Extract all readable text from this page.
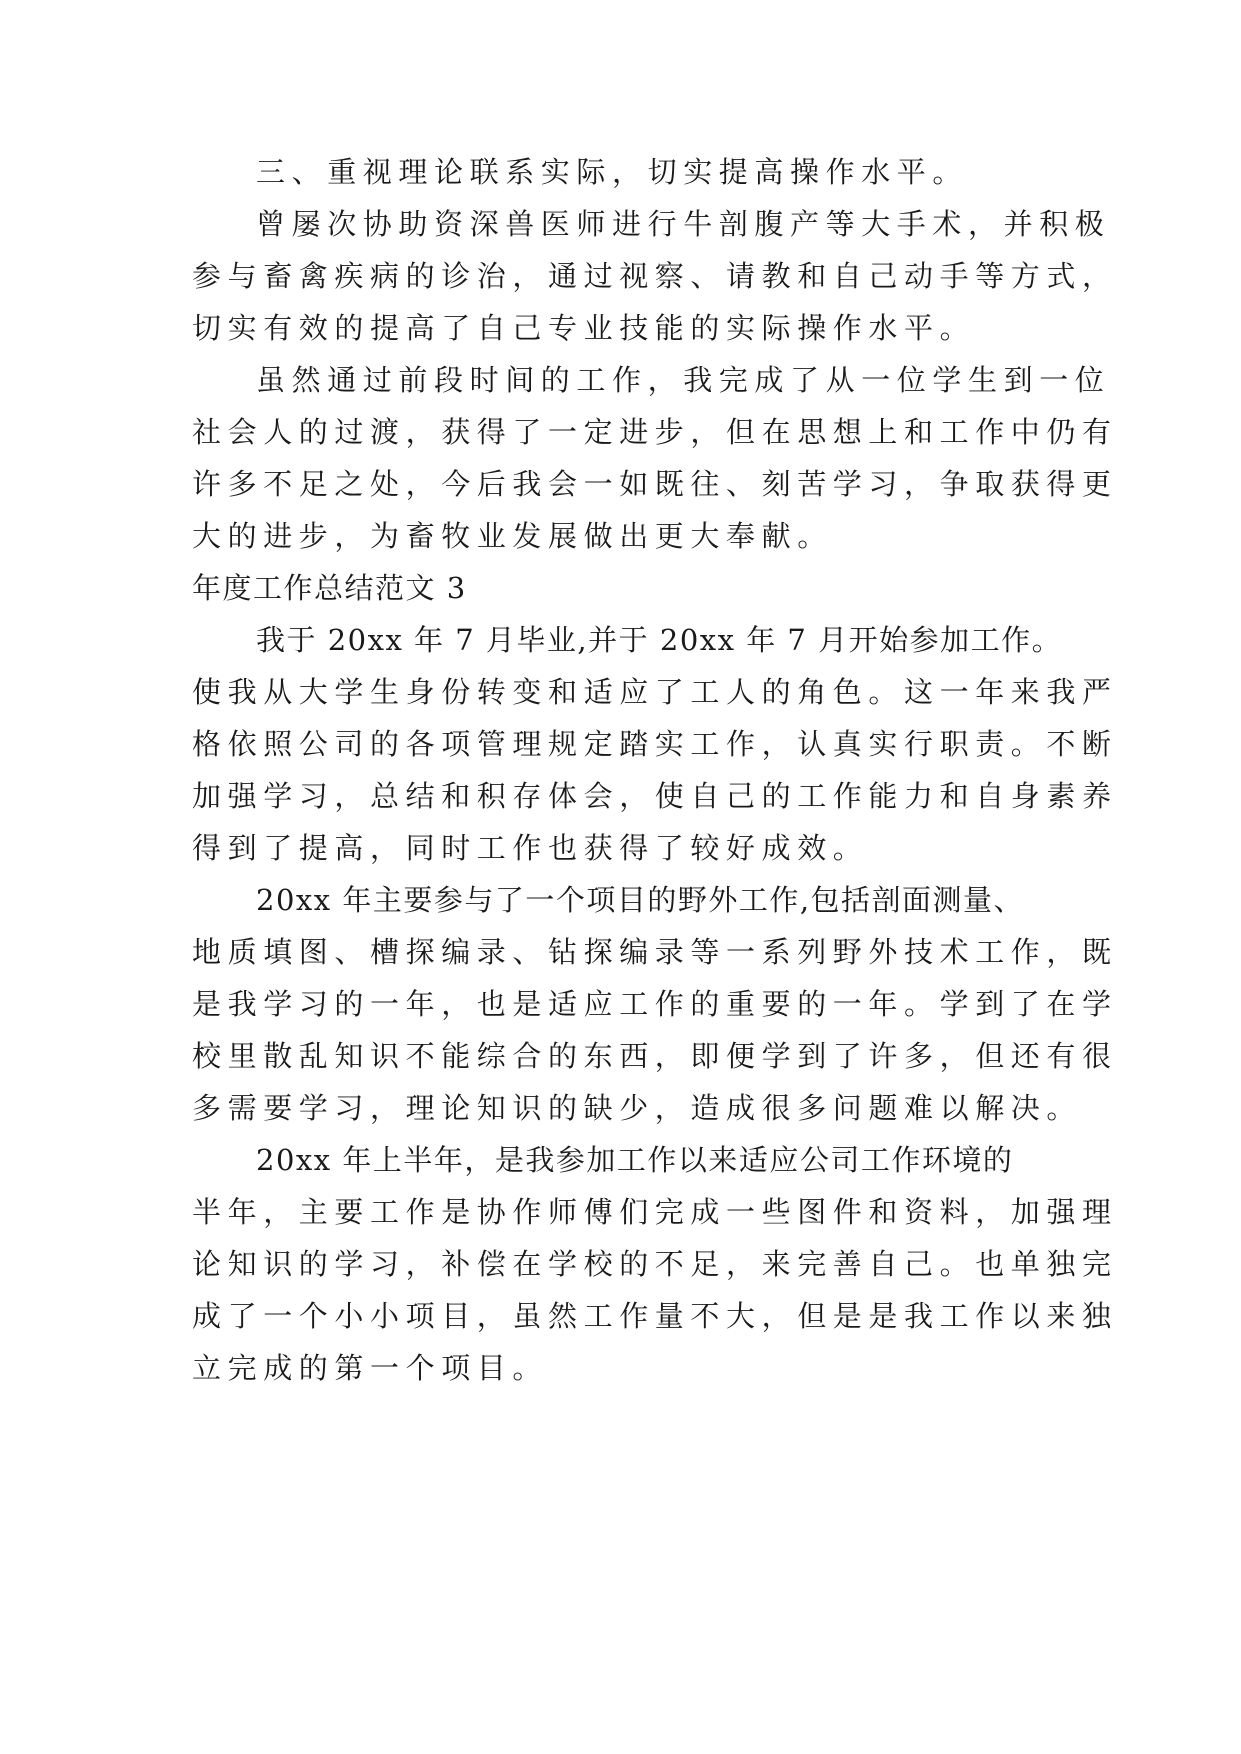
三、重视理论联系实际，切实提高操作水平。
曾屡次协助资深兽医师进行牛剖腹产等大手术，并积极
参与畜禽疾病的诊治，通过视察、请教和自己动手等方式，
切实有效的提高了自己专业技能的实际操作水平。
虽然通过前段时间的工作，我完成了从一位学生到一位
社会人的过渡，获得了一定进步，但在思想上和工作中仍有
许多不足之处，今后我会一如既往、刻苦学习，争取获得更
大的进步，为畜牧业发展做出更大奉献。
年度工作总结范文 3
我于 20xx 年 7 月毕业,并于 20xx 年 7 月开始参加工作。
使我从大学生身份转变和适应了工人的角色。这一年来我严
格依照公司的各项管理规定踏实工作，认真实行职责。不断
加强学习，总结和积存体会，使自己的工作能力和自身素养
得到了提高，同时工作也获得了较好成效。
20xx 年主要参与了一个项目的野外工作,包括剖面测量、
地质填图、槽探编录、钻探编录等一系列野外技术工作，既
是我学习的一年，也是适应工作的重要的一年。学到了在学
校里散乱知识不能综合的东西，即便学到了许多，但还有很
多需要学习，理论知识的缺少，造成很多问题难以解决。
20xx 年上半年，是我参加工作以来适应公司工作环境的
半年，主要工作是协作师傅们完成一些图件和资料，加强理
论知识的学习，补偿在学校的不足，来完善自己。也单独完
成了一个小小项目，虽然工作量不大，但是是我工作以来独
立完成的第一个项目。
